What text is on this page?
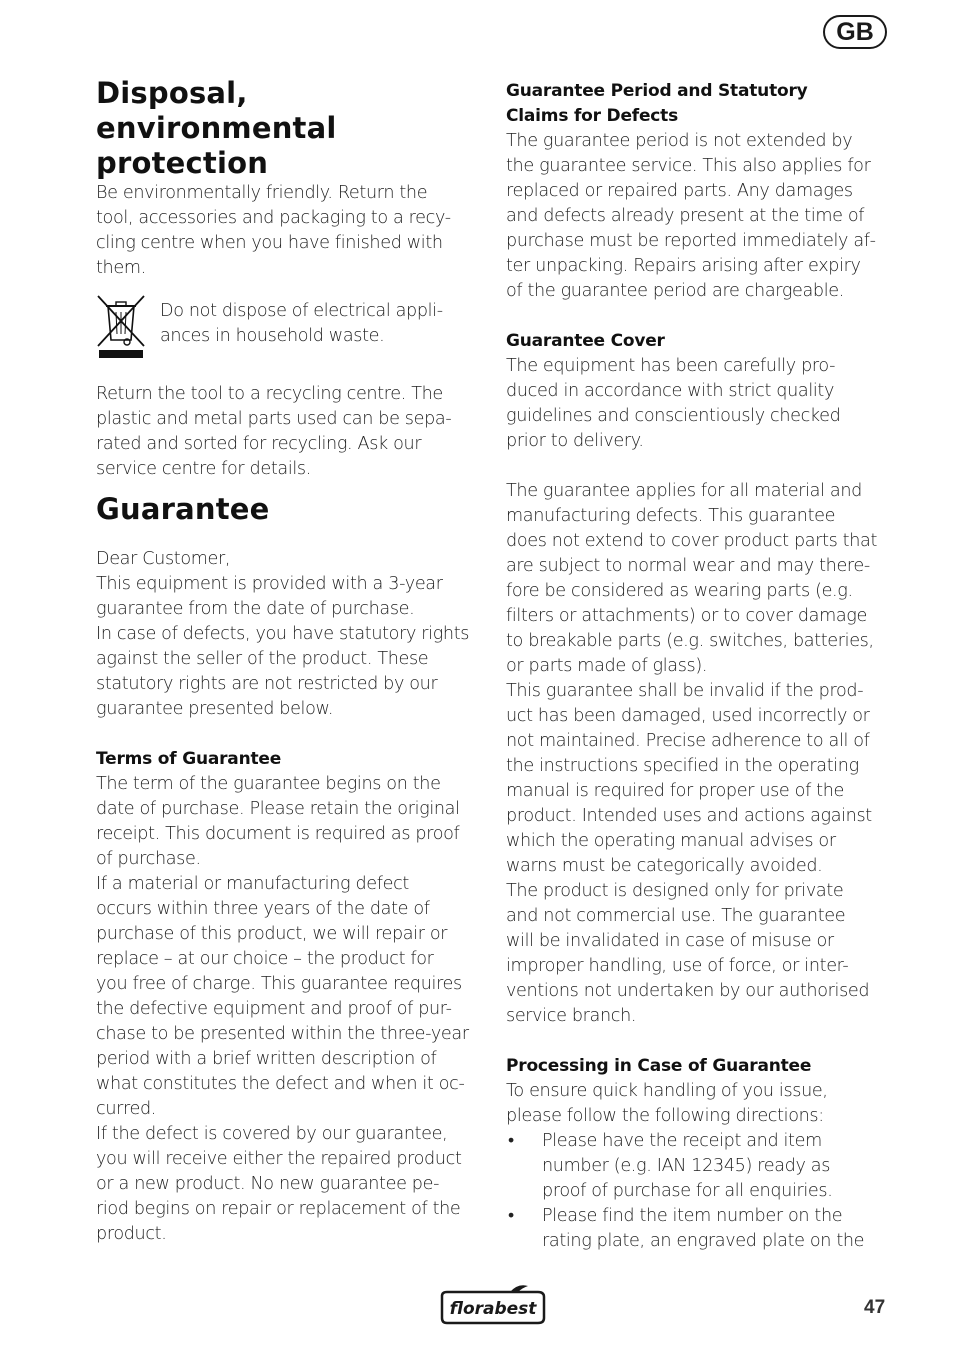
GB
Disposal,
environmental
protection
Be environmentally friendly. Return the
tool, accessories and packaging to a recy-
cling centre when you have finished with
them.
Do not dispose of electrical appli-
ances in household waste.
Return the tool to a recycling centre. The
plastic and metal parts used can be sepa-
rated and sorted for recycling. Ask our
service centre for details.
Guarantee
Dear Customer,
This equipment is provided with a 3-year
guarantee from the date of purchase.
In case of defects, you have statutory rights
against the seller of the product. These
statutory rights are not restricted by our
guarantee presented below.
Terms of Guarantee
The term of the guarantee begins on the
date of purchase. Please retain the original
receipt. This document is required as proof
of purchase.
If a material or manufacturing defect
occurs within three years of the date of
purchase of this product, we will repair or
replace – at our choice – the product for
you free of charge. This guarantee requires
the defective equipment and proof of pur-
chase to be presented within the three-year
period with a brief written description of
what constitutes the defect and when it oc-
curred.
If the defect is covered by our guarantee,
you will receive either the repaired product
or a new product. No new guarantee pe-
riod begins on repair or replacement of the
product.
Guarantee Period and Statutory
Claims for Defects
The guarantee period is not extended by
the guarantee service. This also applies for
replaced or repaired parts. Any damages
and defects already present at the time of
purchase must be reported immediately af-
ter unpacking. Repairs arising after expiry
of the guarantee period are chargeable.
Guarantee Cover
The equipment has been carefully pro-
duced in accordance with strict quality
guidelines and conscientiously checked
prior to delivery.
The guarantee applies for all material and
manufacturing defects. This guarantee
does not extend to cover product parts that
are subject to normal wear and may there-
fore be considered as wearing parts (e.g.
filters or attachments) or to cover damage
to breakable parts (e.g. switches, batteries,
or parts made of glass).
This guarantee shall be invalid if the prod-
uct has been damaged, used incorrectly or
not maintained. Precise adherence to all of
the instructions specified in the operating
manual is required for proper use of the
product. Intended uses and actions against
which the operating manual advises or
warns must be categorically avoided.
The product is designed only for private
and not commercial use. The guarantee
will be invalidated in case of misuse or
improper handling, use of force, or inter-
ventions not undertaken by our authorised
service branch.
Processing in Case of Guarantee
To ensure quick handling of you issue,
please follow the following directions:
• Please have the receipt and item
number (e.g. IAN 12345) ready as
proof of purchase for all enquiries.
• Please find the item number on the
rating plate, an engraved plate on the
florabest	47
